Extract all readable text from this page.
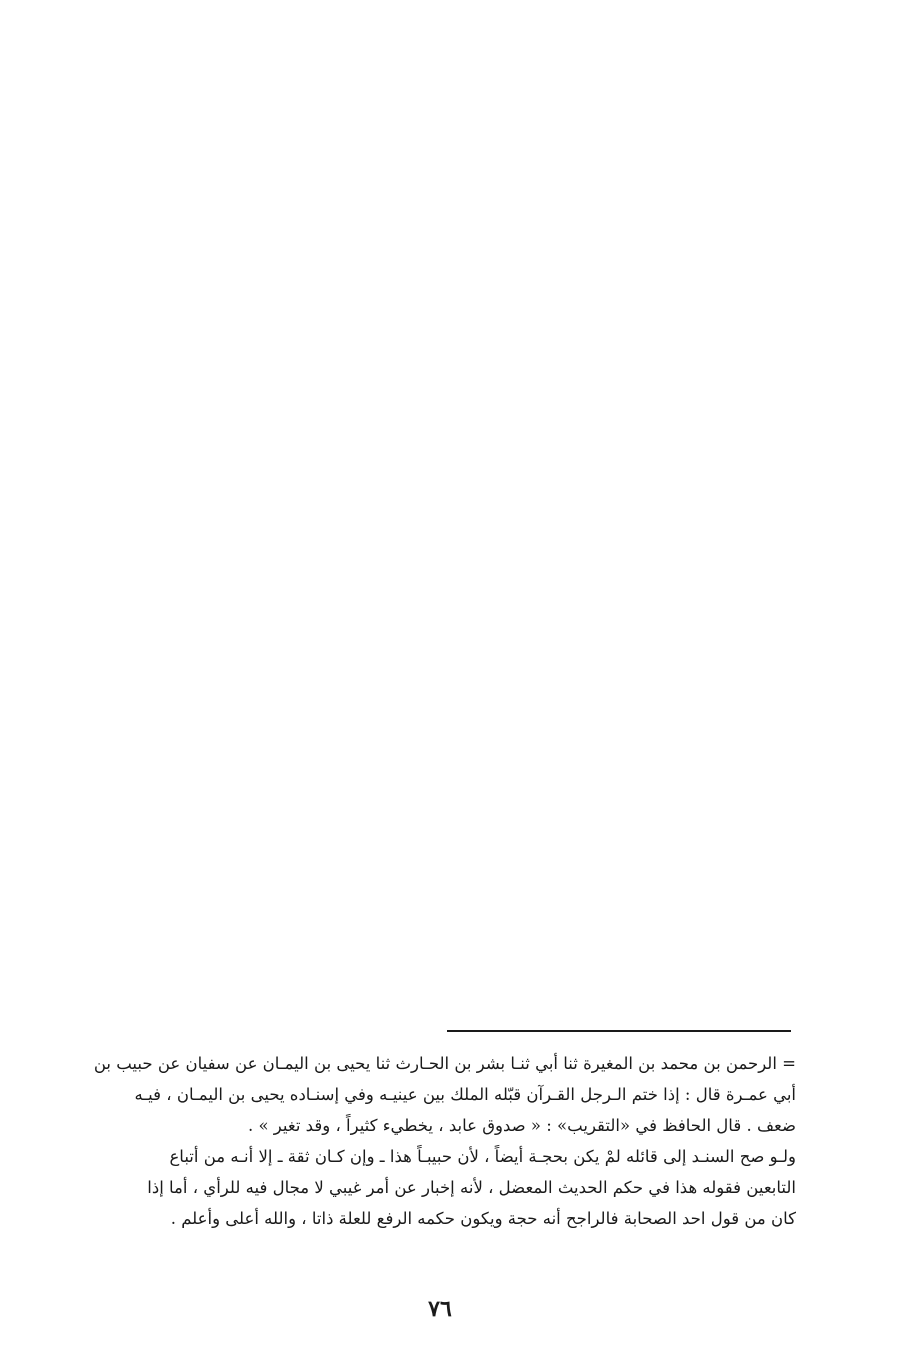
= الرحمن بن محمد بن المغيرة ثنا أبي ثنـا بشر بن الحـارث ثنا يحيى بن اليمـان عن سفيان عن حبيب بن
أبي عمـرة قال : إذا ختم الـرجل القـرآن قبّله الملك بين عينيـه وفي إسنـاده يحيى بن اليمـان ، فيـه
ضعف . قال الحافظ في «التقريب» : « صدوق عابد ، يخطيء كثيراً ، وقد تغير » .
ولـو صح السنـد إلى قائله لمْ يكن بحجـة أيضاً ، لأن حبيبـاً هذا ـ وإن كـان ثقة ـ إلا أنـه من أتباع
التابعين فقوله هذا في حكم الحديث المعضل ، لأنه إخبار عن أمر غيبي لا مجال فيه للرأي ، أما إذا
كان من قول احد الصحابة فالراجح أنه حجة ويكون حكمه الرفع للعلة ذاتا ، والله أعلى وأعلم .
٧٦
